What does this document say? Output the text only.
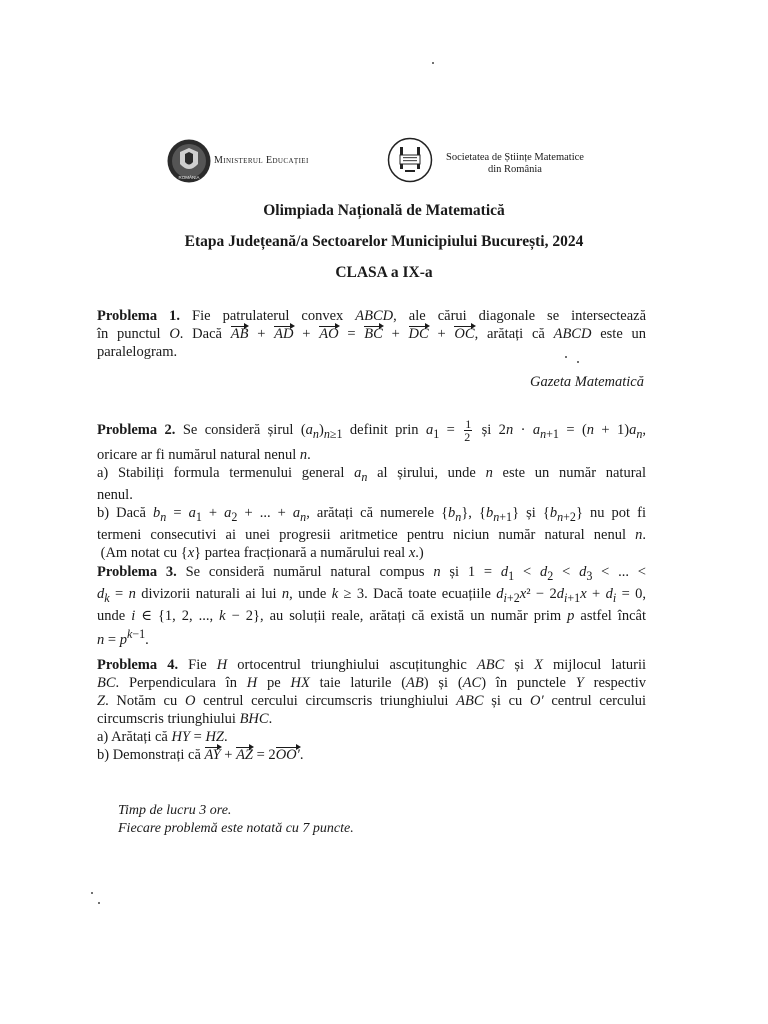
ROMÂNIA
Ministerul Educației	Societatea de Științe Matematice
din România
Olimpiada Națională de Matematică
Etapa Județeană/a Sectoarelor Municipiului București, 2024
CLASA a IX-a
Problema 1. Fie patrulaterul convex ABCD, ale cărui diagonale se intersectează
în punctul O. Dacă AB + AD + AO = BC + DC + OC, arătați că ABCD este un
paralelogram.
Gazeta Matematică
Problema 2. Se consideră șirul $(a_n)_{n\ge 1}$ definit prin $a_1 = \frac{1}{2}$ și $2n \cdot a_{n+1} = (n + 1)a_n$,
oricare ar fi numărul natural nenul n.
a) Stabiliți formula termenului general $a_n$ al șirului, unde n este un număr natural
nenul.
b) Dacă $b_n = a_1 + a_2$ + ... + $a_n$, arătați că numerele $\{b_n\}$, $\{b_{n+1}\}$ și $\{b_{n+2}\}$ nu pot fi
termeni consecutivi ai unei progresii aritmetice pentru niciun număr natural nenul n.
(Am notat cu {x} partea fracționară a numărului real x.)
Problema 3. Se consideră numărul natural compus n și $1 = d_1 < d_2 < d_3$ < ... <
$d_k = n$ divizorii naturali ai lui n, unde k ≥ 3. Dacă toate ecuațiile $d_{i+2}x^2 - 2d_{i+1}x + d_i = 0$,
unde i ∈ {1, 2, ..., k − 2}, au soluții reale, arătați că există un număr prim p astfel încât
$n = p^{k-1}$.
Problema 4. Fie H ortocentrul triunghiului ascuțitunghic ABC și X mijlocul laturii
BC. Perpendiculara în H pe HX taie laturile (AB) și (AC) în punctele Y respectiv
Z. Notăm cu O centrul cercului circumscris triunghiului ABC și cu O′ centrul cercului
circumscris triunghiului BHC.
a) Arătați că HY = HZ.
b) Demonstrați că AY + AZ = 2OO′.
Timp de lucru 3 ore.
Fiecare problemă este notată cu 7 puncte.
